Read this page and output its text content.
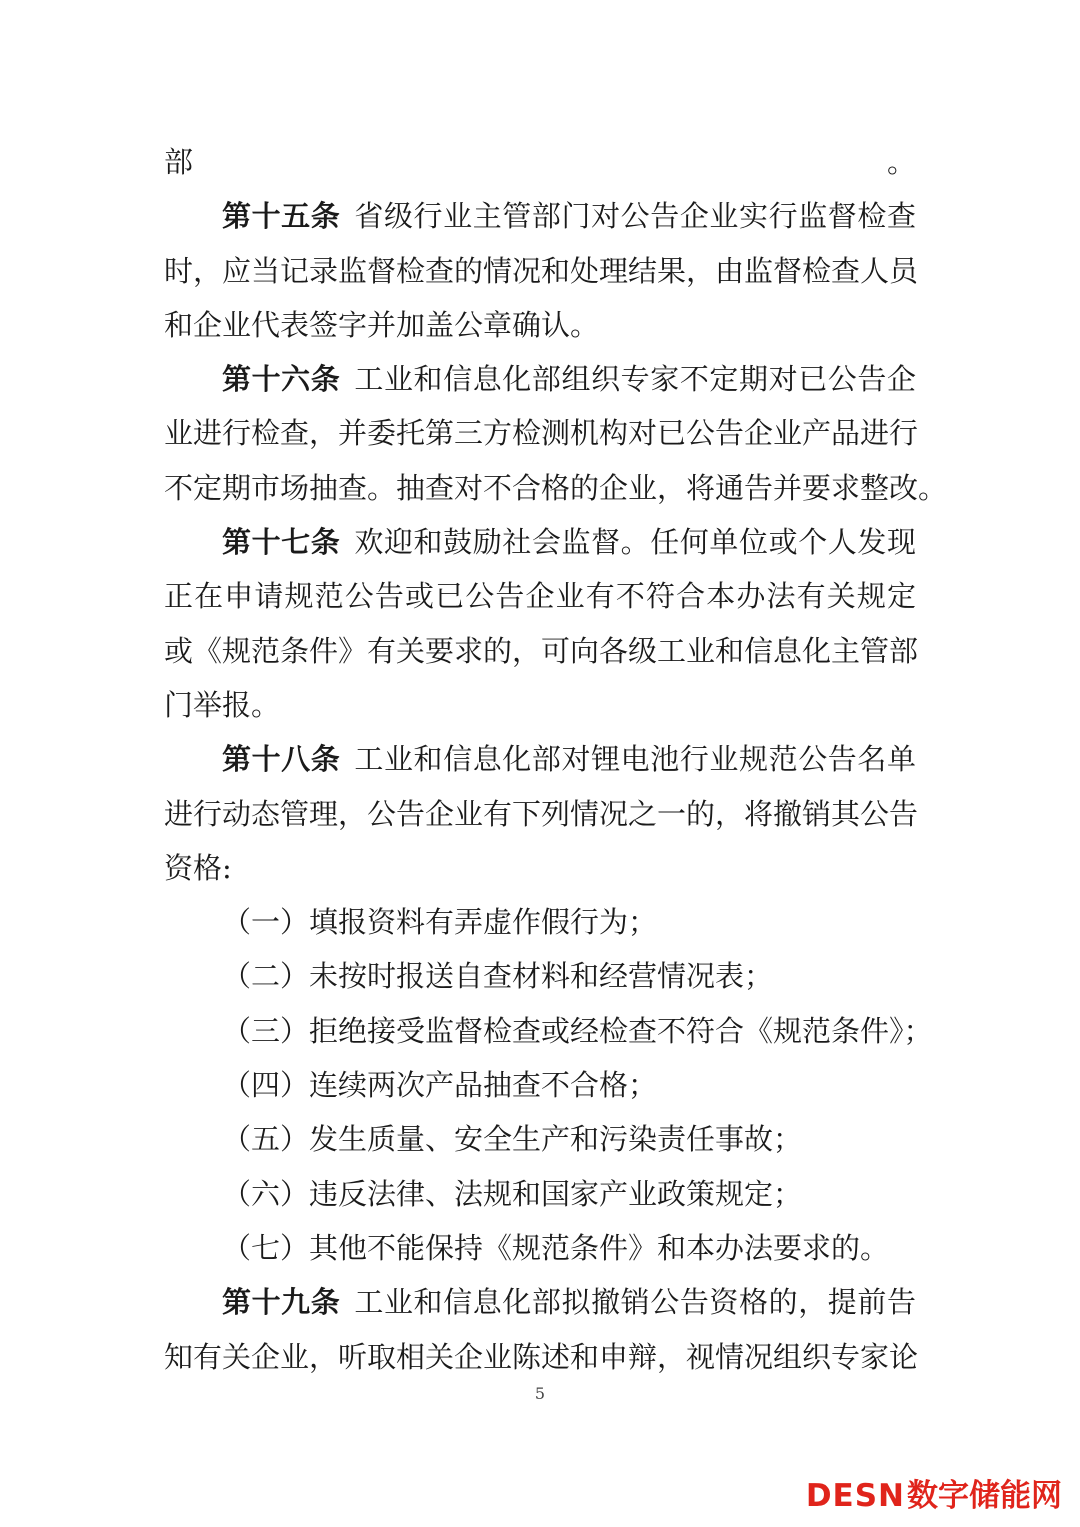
部。
第十五条 省级行业主管部门对公告企业实行监督检查
时，应当记录监督检查的情况和处理结果，由监督检查人员
和企业代表签字并加盖公章确认。
第十六条 工业和信息化部组织专家不定期对已公告企
业进行检查，并委托第三方检测机构对已公告企业产品进行
不定期市场抽查。抽查对不合格的企业，将通告并要求整改。
第十七条 欢迎和鼓励社会监督。任何单位或个人发现
正在申请规范公告或已公告企业有不符合本办法有关规定
或《规范条件》有关要求的，可向各级工业和信息化主管部
门举报。
第十八条 工业和信息化部对锂电池行业规范公告名单
进行动态管理，公告企业有下列情况之一的，将撤销其公告
资格:
（一）填报资料有弄虚作假行为；
（二）未按时报送自查材料和经营情况表；
（三）拒绝接受监督检查或经检查不符合《规范条件》；
（四）连续两次产品抽查不合格；
（五）发生质量、安全生产和污染责任事故；
（六）违反法律、法规和国家产业政策规定；
（七）其他不能保持《规范条件》和本办法要求的。
第十九条 工业和信息化部拟撤销公告资格的，提前告
知有关企业，听取相关企业陈述和申辩，视情况组织专家论
5
DESN数字储能网
